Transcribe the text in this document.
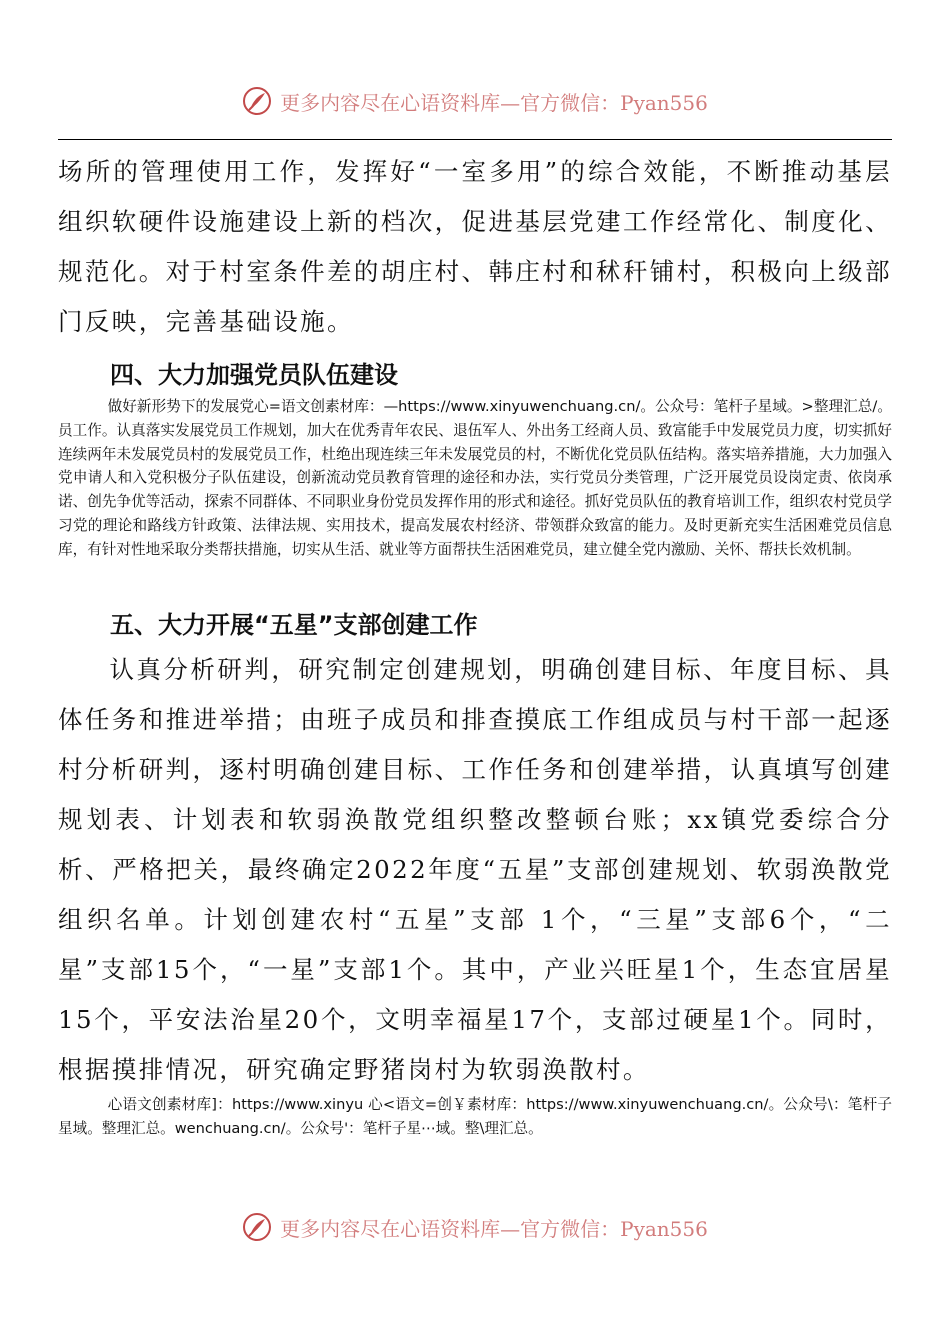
更多内容尽在心语资料库—官方微信：Pyan556

场所的管理使用工作，发挥好“一室多用”的综合效能，不断推动基层组织软硬件设施建设上新的档次，促进基层党建工作经常化、制度化、规范化。对于村室条件差的胡庄村、韩庄村和秫秆铺村，积极向上级部门反映，完善基础设施。

四、大力加强党员队伍建设

做好新形势下的发展党心=语文创素材库：—https://www.xinyuwenchuang.cn/。公众号：笔杆子星域。>整理汇总/。员工作。认真落实发展党员工作规划，加大在优秀青年农民、退伍军人、外出务工经商人员、致富能手中发展党员力度，切实抓好连续两年未发展党员村的发展党员工作，杜绝出现连续三年未发展党员的村，不断优化党员队伍结构。落实培养措施，大力加强入党申请人和入党积极分子队伍建设，创新流动党员教育管理的途径和办法，实行党员分类管理，广泛开展党员设岗定责、依岗承诺、创先争优等活动，探索不同群体、不同职业身份党员发挥作用的形式和途径。抓好党员队伍的教育培训工作，组织农村党员学习党的理论和路线方针政策、法律法规、实用技术，提高发展农村经济、带领群众致富的能力。及时更新充实生活困难党员信息库，有针对性地采取分类帮扶措施，切实从生活、就业等方面帮扶生活困难党员，建立健全党内激励、关怀、帮扶长效机制。

五、大力开展“五星”支部创建工作

认真分析研判，研究制定创建规划，明确创建目标、年度目标、具体任务和推进举措；由班子成员和排查摸底工作组成员与村干部一起逐村分析研判，逐村明确创建目标、工作任务和创建举措，认真填写创建规划表、计划表和软弱涣散党组织整改整顿台账；xx镇党委综合分析、严格把关，最终确定2022年度“五星”支部创建规划、软弱涣散党组织名单。计划创建农村“五星”支部 1个，“三星”支部6个，“二星”支部15个，“一星”支部1个。其中，产业兴旺星1个，生态宜居星15个，平安法治星20个，文明幸福星17个，支部过硬星1个。同时，根据摸排情况，研究确定野猪岗村为软弱涣散村。

心语文创素材库]：https://www.xinyu 心<语文=创￥素材库：https://www.xinyuwenchuang.cn/。公众号\：笔杆子星域。整理汇总。wenchuang.cn/。公众号'：笔杆子星⋯域。整\理汇总。

更多内容尽在心语资料库—官方微信：Pyan556
